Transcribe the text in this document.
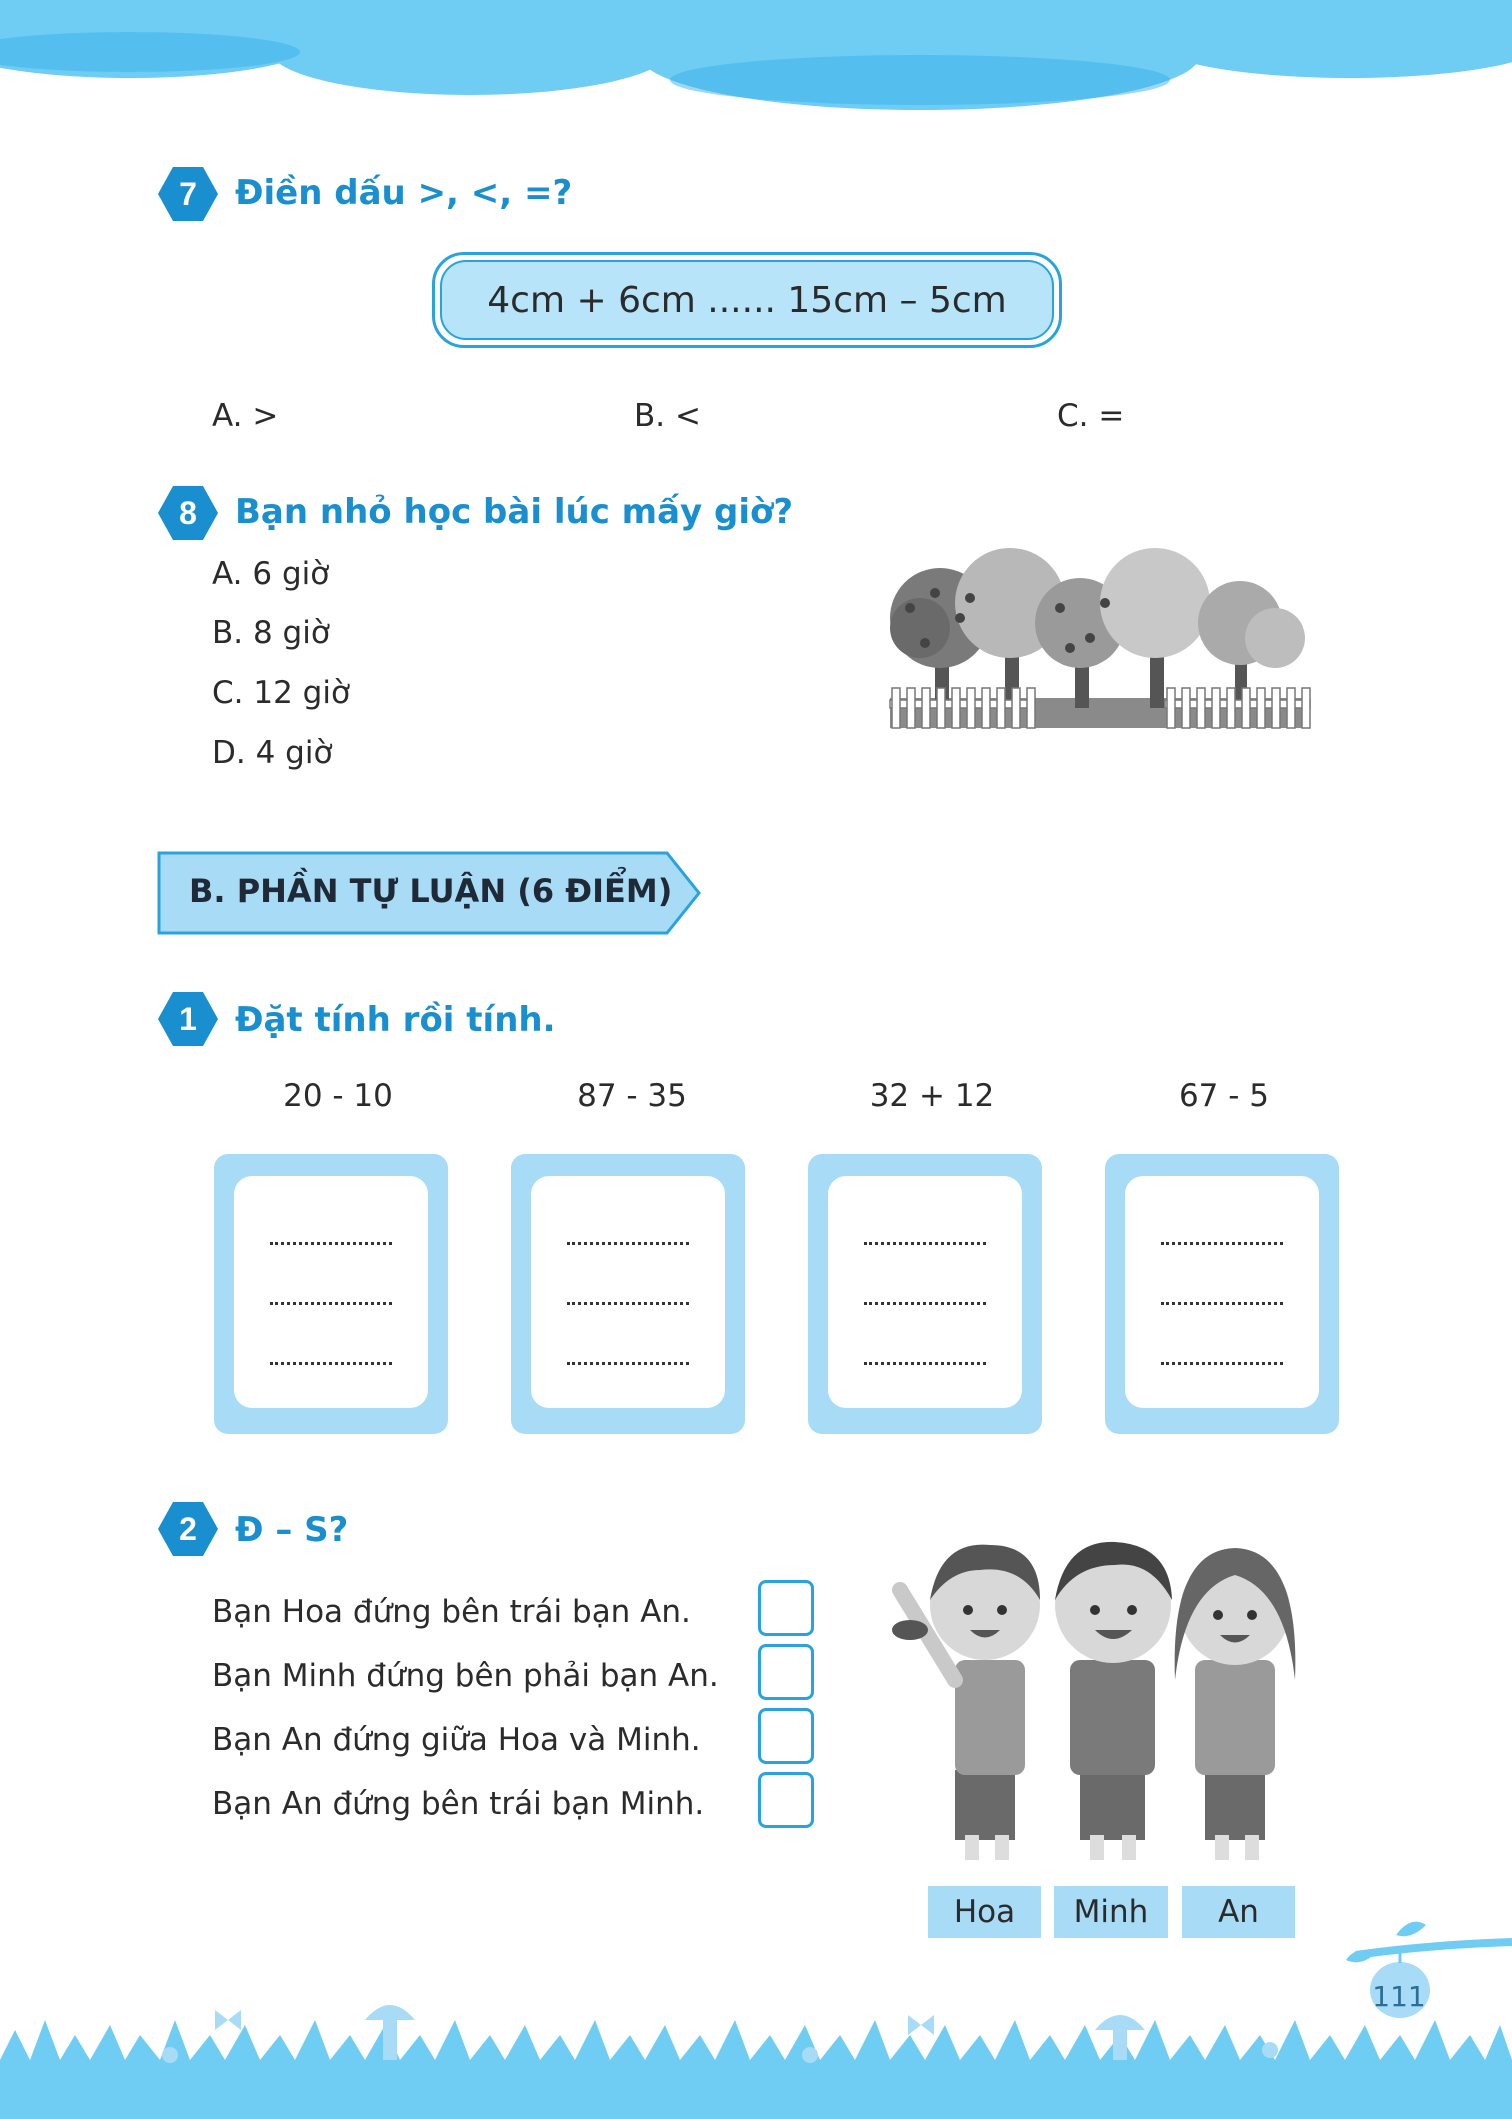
7 Điền dấu >, <, =?
4cm + 6cm ...... 15cm – 5cm
A. >	B. <	C. =
8 Bạn nhỏ học bài lúc mấy giờ?
A. 6 giờ
B. 8 giờ
C. 12 giờ
D. 4 giờ
B. PHẦN TỰ LUẬN (6 ĐIỂM)
1 Đặt tính rồi tính.
20 - 10	87 - 35	32 + 12	67 - 5
2 Đ – S?
Bạn Hoa đứng bên trái bạn An.
Bạn Minh đứng bên phải bạn An.
Bạn An đứng giữa Hoa và Minh.
Bạn An đứng bên trái bạn Minh.
Hoa	Minh	An
111
